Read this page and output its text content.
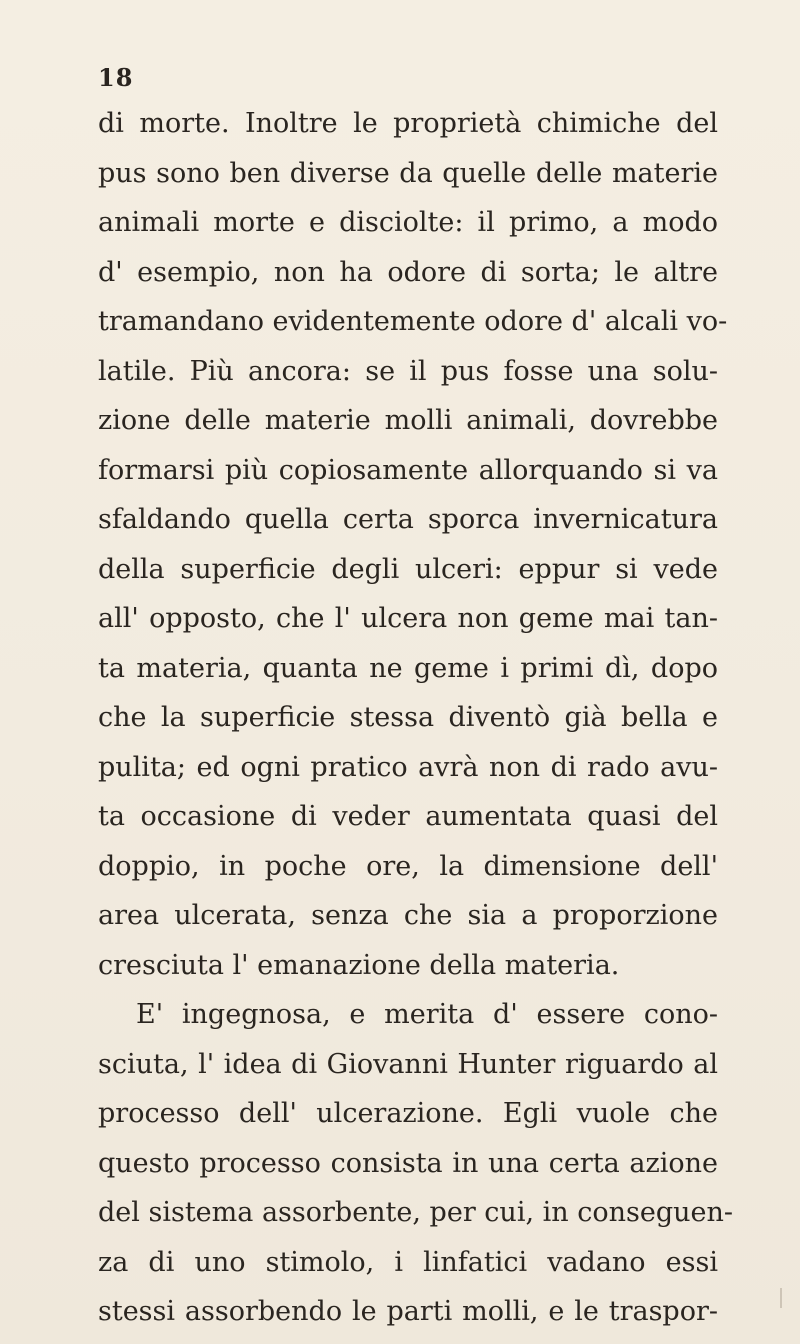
18
di morte. Inoltre le proprietà chimiche del
pus sono ben diverse da quelle delle materie
animali morte e disciolte: il primo, a modo
d' esempio, non ha odore di sorta; le altre
tramandano evidentemente odore d' alcali vo-
latile. Più ancora: se il pus fosse una solu-
zione delle materie molli animali, dovrebbe
formarsi più copiosamente allorquando si va
sfaldando quella certa sporca invernicatura
della superficie degli ulceri: eppur si vede
all' opposto, che l' ulcera non geme mai tan-
ta materia, quanta ne geme i primi dì, dopo
che la superficie stessa diventò già bella e
pulita; ed ogni pratico avrà non di rado avu-
ta occasione di veder aumentata quasi del
doppio, in poche ore, la dimensione dell'
area ulcerata, senza che sia a proporzione
cresciuta l' emanazione della materia.
E' ingegnosa, e merita d' essere cono-
sciuta, l' idea di Giovanni Hunter riguardo al
processo dell' ulcerazione. Egli vuole che
questo processo consista in una certa azione
del sistema assorbente, per cui, in conseguen-
za di uno stimolo, i linfatici vadano essi
stessi assorbendo le parti molli, e le traspor-
